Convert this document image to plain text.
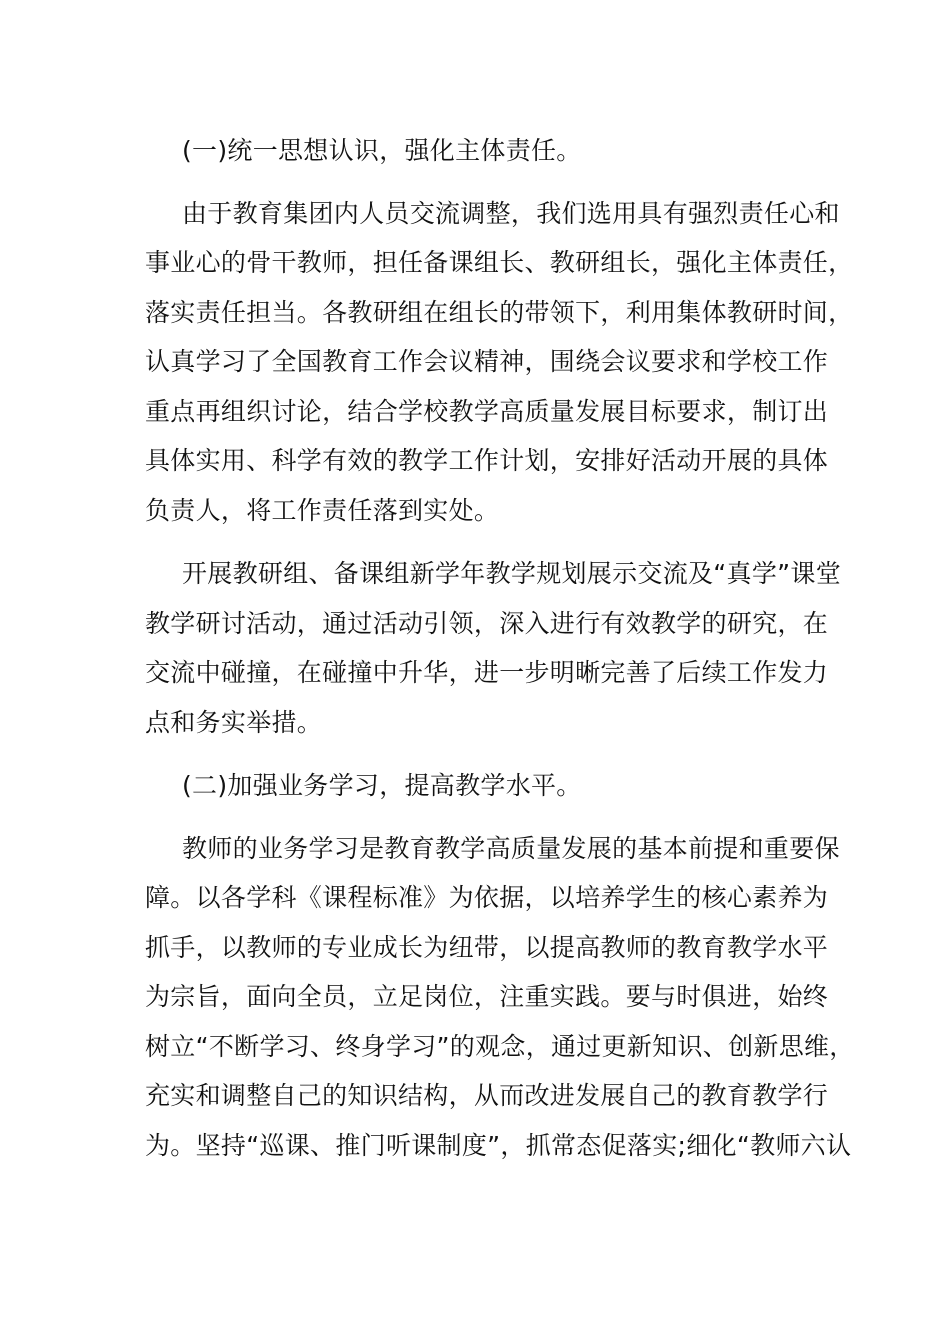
(一)统一思想认识，强化主体责任。
由于教育集团内人员交流调整，我们选用具有强烈责任心和
事业心的骨干教师，担任备课组长、教研组长，强化主体责任，
落实责任担当。各教研组在组长的带领下，利用集体教研时间，
认真学习了全国教育工作会议精神，围绕会议要求和学校工作
重点再组织讨论，结合学校教学高质量发展目标要求，制订出
具体实用、科学有效的教学工作计划，安排好活动开展的具体
负责人，将工作责任落到实处。
开展教研组、备课组新学年教学规划展示交流及“真学”课堂
教学研讨活动，通过活动引领，深入进行有效教学的研究，在
交流中碰撞，在碰撞中升华，进一步明晰完善了后续工作发力
点和务实举措。
(二)加强业务学习，提高教学水平。
教师的业务学习是教育教学高质量发展的基本前提和重要保
障。以各学科《课程标准》为依据，以培养学生的核心素养为
抓手，以教师的专业成长为纽带，以提高教师的教育教学水平
为宗旨，面向全员，立足岗位，注重实践。要与时俱进，始终
树立“不断学习、终身学习”的观念，通过更新知识、创新思维，
充实和调整自己的知识结构，从而改进发展自己的教育教学行
为。坚持“巡课、推门听课制度”，抓常态促落实;细化“教师六认
